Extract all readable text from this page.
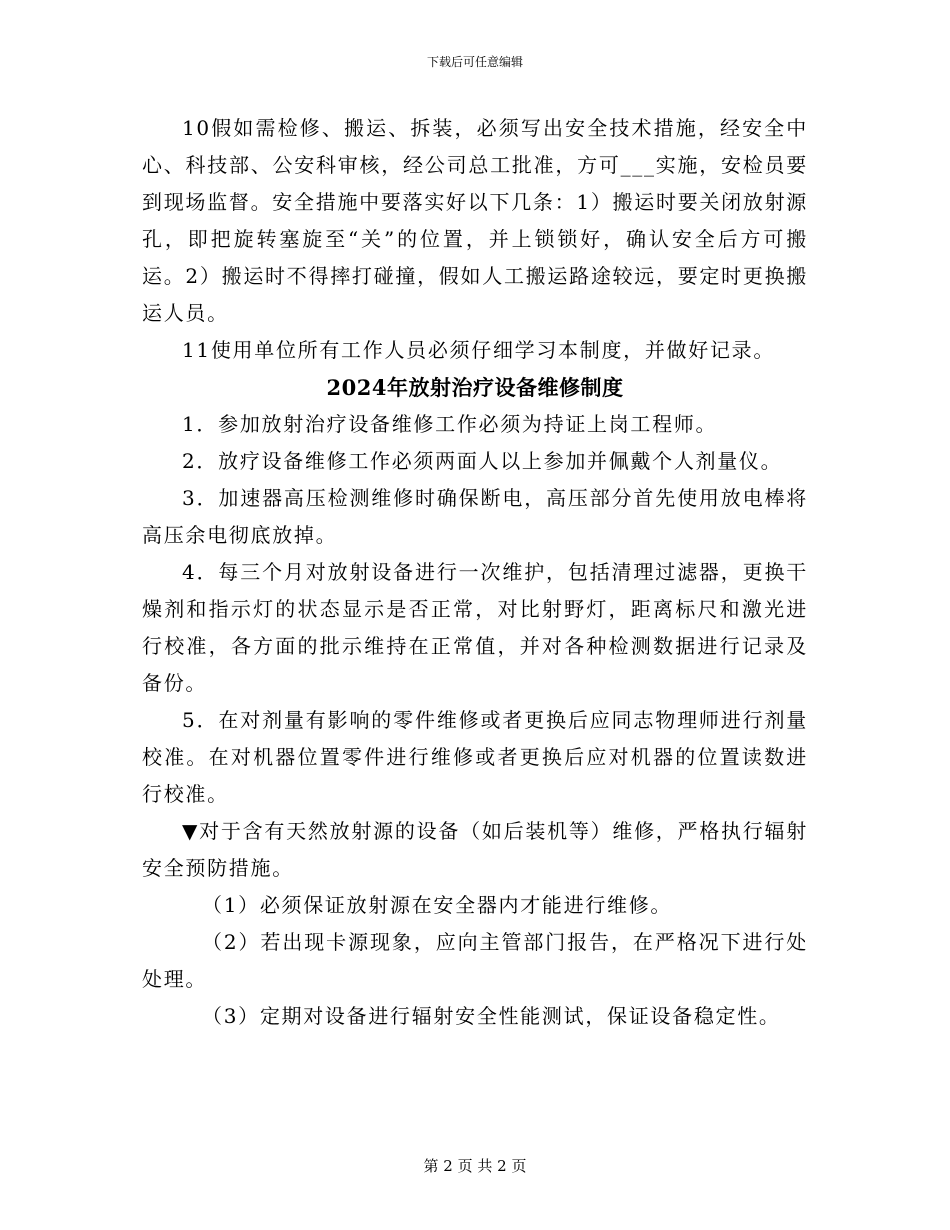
下载后可任意编辑

10假如需检修、搬运、拆装，必须写出安全技术措施，经安全中心、科技部、公安科审核，经公司总工批准，方可___实施，安检员要到现场监督。安全措施中要落实好以下几条：1）搬运时要关闭放射源孔，即把旋转塞旋至“关”的位置，并上锁锁好，确认安全后方可搬运。2）搬运时不得摔打碰撞，假如人工搬运路途较远，要定时更换搬运人员。

11使用单位所有工作人员必须仔细学习本制度，并做好记录。

2024年放射治疗设备维修制度

1．参加放射治疗设备维修工作必须为持证上岗工程师。

2．放疗设备维修工作必须两面人以上参加并佩戴个人剂量仪。

3．加速器高压检测维修时确保断电，高压部分首先使用放电棒将高压余电彻底放掉。

4．每三个月对放射设备进行一次维护，包括清理过滤器，更换干燥剂和指示灯的状态显示是否正常，对比射野灯，距离标尺和激光进行校准，各方面的批示维持在正常值，并对各种检测数据进行记录及备份。

5．在对剂量有影响的零件维修或者更换后应同志物理师进行剂量校准。在对机器位置零件进行维修或者更换后应对机器的位置读数进行校准。

▼对于含有天然放射源的设备（如后装机等）维修，严格执行辐射安全预防措施。

（1）必须保证放射源在安全器内才能进行维修。

（2）若出现卡源现象，应向主管部门报告，在严格况下进行处处理。

（3）定期对设备进行辐射安全性能测试，保证设备稳定性。

第 2 页 共 2 页
